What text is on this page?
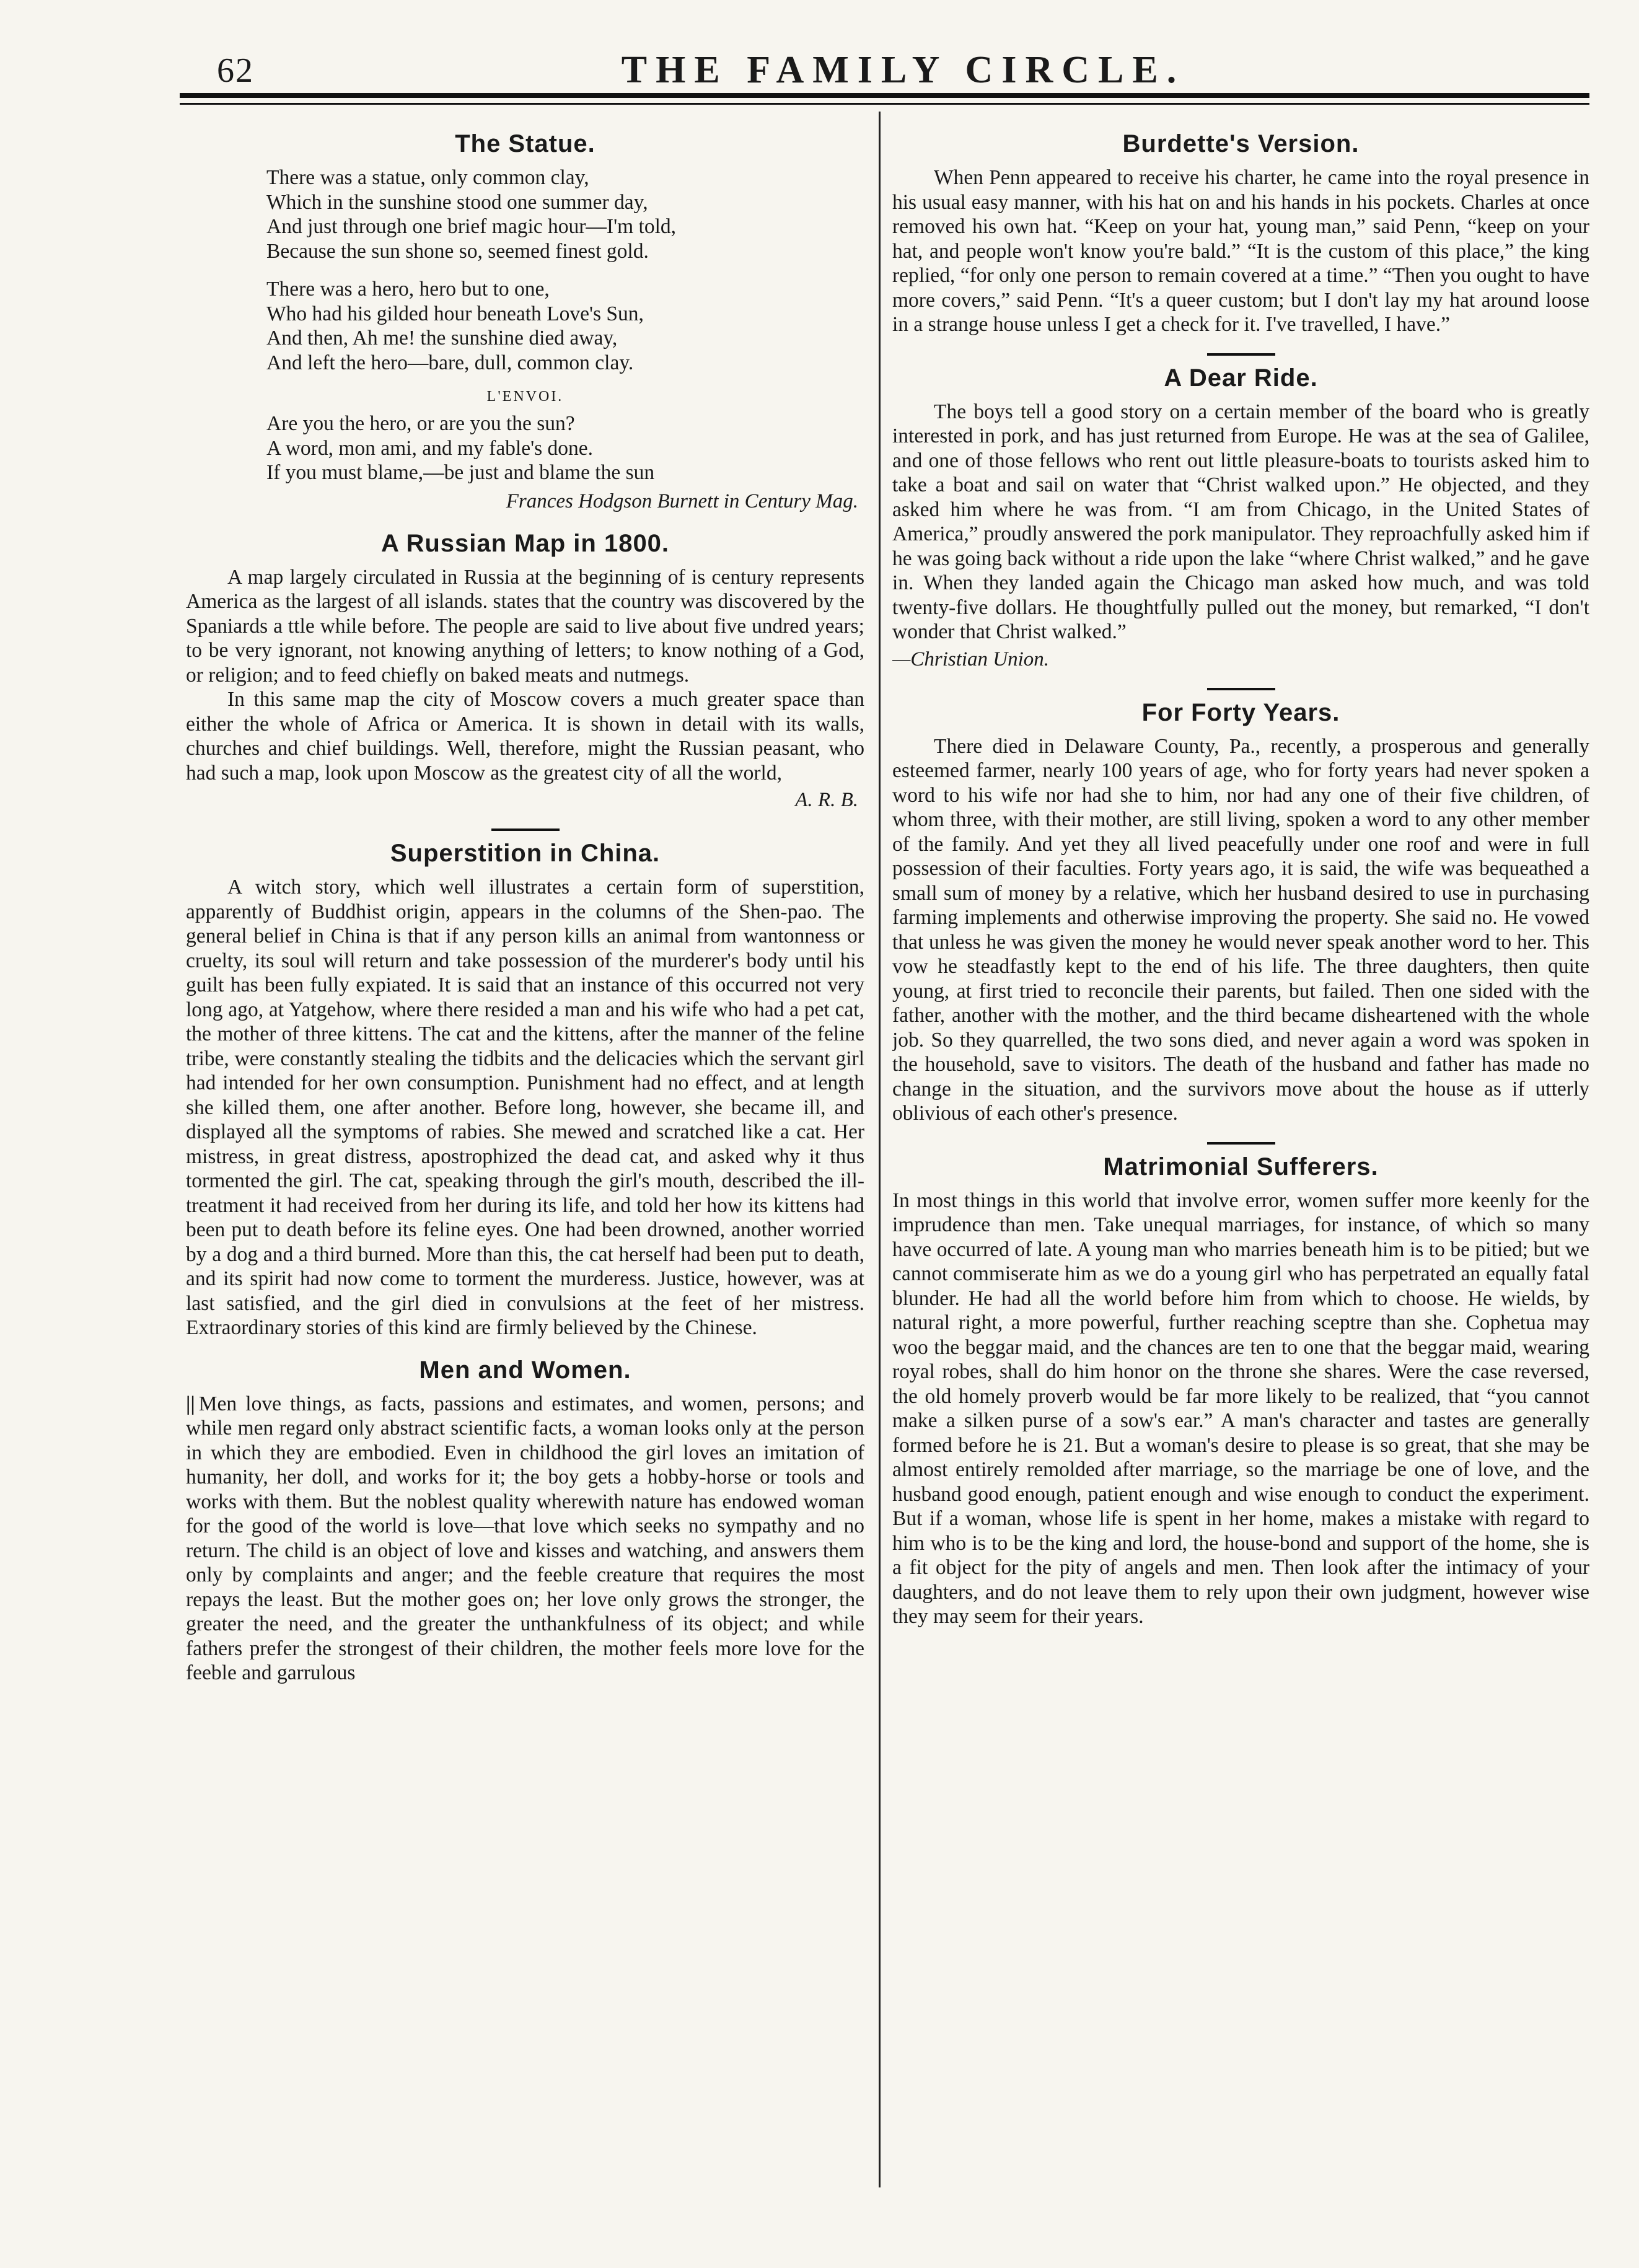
62	THE FAMILY CIRCLE.
The Statue.
There was a statue, only common clay,
Which in the sunshine stood one summer day,
And just through one brief magic hour—I'm told,
Because the sun shone so, seemed finest gold.
There was a hero, hero but to one,
Who had his gilded hour beneath Love's Sun,
And then, Ah me! the sunshine died away,
And left the hero—bare, dull, common clay.
L'ENVOI.
Are you the hero, or are you the sun?
A word, mon ami, and my fable's done.
If you must blame,—be just and blame the sun
Frances Hodgson Burnett in Century Mag.
A Russian Map in 1800.

A map largely circulated in Russia at the beginning of is century represents America as the largest of all islands. states that the country was discovered by the Spaniards a ttle while before. The people are said to live about five undred years; to be very ignorant, not knowing anything of letters; to know nothing of a God, or religion; and to feed chiefly on baked meats and nutmegs.

In this same map the city of Moscow covers a much greater space than either the whole of Africa or America. It is shown in detail with its walls, churches and chief buildings. Well, therefore, might the Russian peasant, who had such a map, look upon Moscow as the greatest city of all the world,

A. R. B.
Superstition in China.

A witch story, which well illustrates a certain form of superstition, apparently of Buddhist origin, appears in the columns of the Shen-pao. The general belief in China is that if any person kills an animal from wantonness or cruelty, its soul will return and take possession of the murderer's body until his guilt has been fully expiated. It is said that an instance of this occurred not very long ago, at Yatgehow, where there resided a man and his wife who had a pet cat, the mother of three kittens. The cat and the kittens, after the manner of the feline tribe, were constantly stealing the tidbits and the delicacies which the servant girl had intended for her own consumption. Punishment had no effect, and at length she killed them, one after another. Before long, however, she became ill, and displayed all the symptoms of rabies. She mewed and scratched like a cat. Her mistress, in great distress, apostrophized the dead cat, and asked why it thus tormented the girl. The cat, speaking through the girl's mouth, described the ill-treatment it had received from her during its life, and told her how its kittens had been put to death before its feline eyes. One had been drowned, another worried by a dog and a third burned. More than this, the cat herself had been put to death, and its spirit had now come to torment the murderess. Justice, however, was at last satisfied, and the girl died in convulsions at the feet of her mistress. Extraordinary stories of this kind are firmly believed by the Chinese.

Men and Women.

|| Men love things, as facts, passions and estimates, and women, persons; and while men regard only abstract scientific facts, a woman looks only at the person in which they are embodied. Even in childhood the girl loves an imitation of humanity, her doll, and works for it; the boy gets a hobby-horse or tools and works with them. But the noblest quality wherewith nature has endowed woman for the good of the world is love—that love which seeks no sympathy and no return. The child is an object of love and kisses and watching, and answers them only by complaints and anger; and the feeble creature that requires the most repays the least. But the mother goes on; her love only grows the stronger, the greater the need, and the greater the unthankfulness of its object; and while fathers prefer the strongest of their children, the mother feels more love for the feeble and garrulous

Burdette's Version.

When Penn appeared to receive his charter, he came into the royal presence in his usual easy manner, with his hat on and his hands in his pockets. Charles at once removed his own hat. “Keep on your hat, young man,” said Penn, “keep on your hat, and people won't know you're bald.” “It is the custom of this place,” the king replied, “for only one person to remain covered at a time.” “Then you ought to have more covers,” said Penn. “It's a queer custom; but I don't lay my hat around loose in a strange house unless I get a check for it. I've travelled, I have.”

A Dear Ride.

The boys tell a good story on a certain member of the board who is greatly interested in pork, and has just returned from Europe. He was at the sea of Galilee, and one of those fellows who rent out little pleasure-boats to tourists asked him to take a boat and sail on water that “Christ walked upon.” He objected, and they asked him where he was from. “I am from Chicago, in the United States of America,” proudly answered the pork manipulator. They reproachfully asked him if he was going back without a ride upon the lake “where Christ walked,” and he gave in. When they landed again the Chicago man asked how much, and was told twenty-five dollars. He thoughtfully pulled out the money, but remarked, “I don't wonder that Christ walked.”

—Christian Union.
For Forty Years.

There died in Delaware County, Pa., recently, a prosperous and generally esteemed farmer, nearly 100 years of age, who for forty years had never spoken a word to his wife nor had she to him, nor had any one of their five children, of whom three, with their mother, are still living, spoken a word to any other member of the family. And yet they all lived peacefully under one roof and were in full possession of their faculties. Forty years ago, it is said, the wife was bequeathed a small sum of money by a relative, which her husband desired to use in purchasing farming implements and otherwise improving the property. She said no. He vowed that unless he was given the money he would never speak another word to her. This vow he steadfastly kept to the end of his life. The three daughters, then quite young, at first tried to reconcile their parents, but failed. Then one sided with the father, another with the mother, and the third became disheartened with the whole job. So they quarrelled, the two sons died, and never again a word was spoken in the household, save to visitors. The death of the husband and father has made no change in the situation, and the survivors move about the house as if utterly oblivious of each other's presence.

Matrimonial Sufferers.

In most things in this world that involve error, women suffer more keenly for the imprudence than men. Take unequal marriages, for instance, of which so many have occurred of late. A young man who marries beneath him is to be pitied; but we cannot commiserate him as we do a young girl who has perpetrated an equally fatal blunder. He had all the world before him from which to choose. He wields, by natural right, a more powerful, further reaching sceptre than she. Cophetua may woo the beggar maid, and the chances are ten to one that the beggar maid, wearing royal robes, shall do him honor on the throne she shares. Were the case reversed, the old homely proverb would be far more likely to be realized, that “you cannot make a silken purse of a sow's ear.” A man's character and tastes are generally formed before he is 21. But a woman's desire to please is so great, that she may be almost entirely remolded after marriage, so the marriage be one of love, and the husband good enough, patient enough and wise enough to conduct the experiment. But if a woman, whose life is spent in her home, makes a mistake with regard to him who is to be the king and lord, the house-bond and support of the home, she is a fit object for the pity of angels and men. Then look after the intimacy of your daughters, and do not leave them to rely upon their own judgment, however wise they may seem for their years.
